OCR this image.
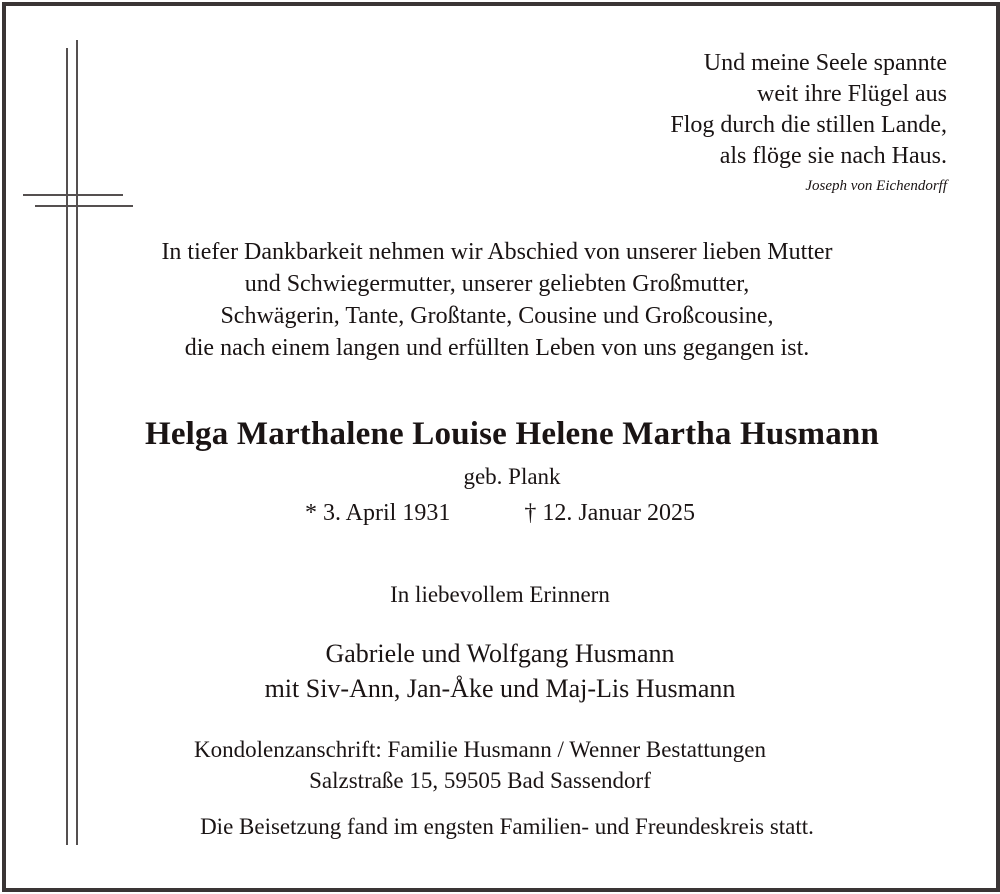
Und meine Seele spannte
weit ihre Flügel aus
Flog durch die stillen Lande,
als flöge sie nach Haus.
Joseph von Eichendorff
In tiefer Dankbarkeit nehmen wir Abschied von unserer lieben Mutter
und Schwiegermutter, unserer geliebten Großmutter,
Schwägerin, Tante, Großtante, Cousine und Großcousine,
die nach einem langen und erfüllten Leben von uns gegangen ist.
Helga Marthalene Louise Helene Martha Husmann
geb. Plank
* 3. April 1931	† 12. Januar 2025
In liebevollem Erinnern
Gabriele und Wolfgang Husmann
mit Siv-Ann, Jan-Åke und Maj-Lis Husmann
Kondolenzanschrift: Familie Husmann / Wenner Bestattungen
Salzstraße 15, 59505 Bad Sassendorf
Die Beisetzung fand im engsten Familien- und Freundeskreis statt.
